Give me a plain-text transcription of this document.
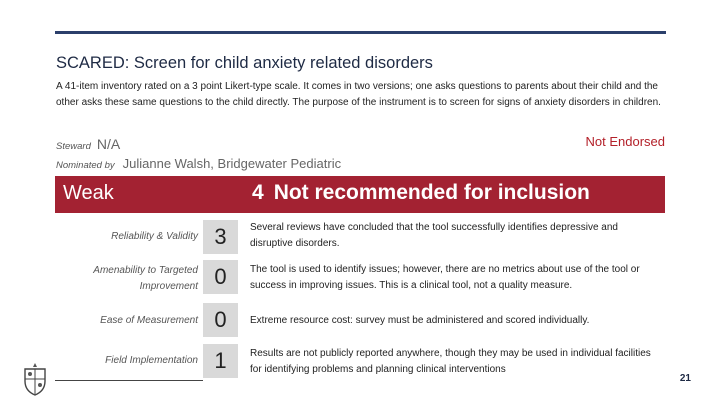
SCARED: Screen for child anxiety related disorders
A 41-item inventory rated on a 3 point Likert-type scale. It comes in two versions; one asks questions to parents about their child and the other asks these same questions to the child directly. The purpose of the instrument is to screen for signs of anxiety disorders in children.
Steward N/A
Nominated by Julianne Walsh, Bridgewater Pediatric
Not Endorsed
Weak	4 Not recommended for inclusion
Reliability & Validity 3	Several reviews have concluded that the tool successfully identifies depressive and disruptive disorders.
Amenability to Targeted Improvement 0	The tool is used to identify issues; however, there are no metrics about use of the tool or success in improving issues. This is a clinical tool, not a quality measure.
Ease of Measurement 0	Extreme resource cost: survey must be administered and scored individually.
Field Implementation 1	Results are not publicly reported anywhere, though they may be used in individual facilities for identifying problems and planning clinical interventions
21
